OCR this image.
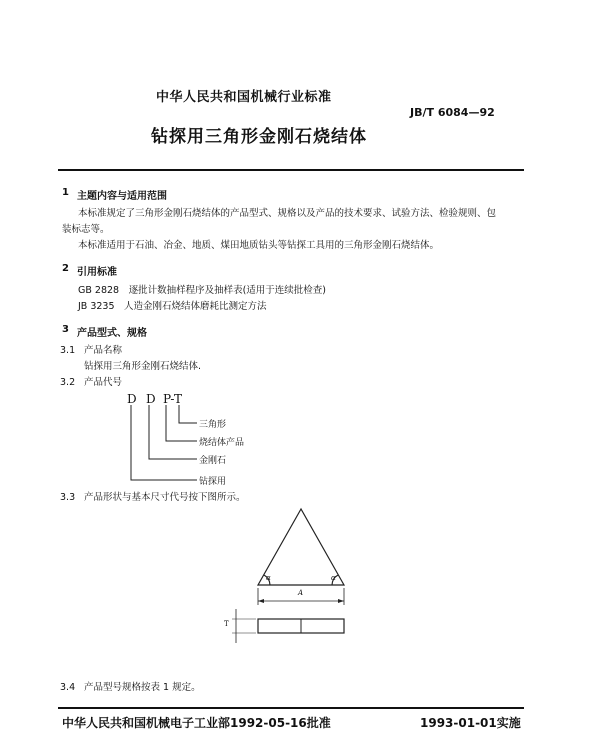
中华人民共和国机械行业标准
JB/T 6084—92
钻探用三角形金刚石烧结体
1 主题内容与适用范围
本标准规定了三角形金刚石烧结体的产品型式、规格以及产品的技术要求、试验方法、检验规则、包
装标志等。
本标准适用于石油、冶金、地质、煤田地质钻头等钻探工具用的三角形金刚石烧结体。
2 引用标准
GB 2828　逐批计数抽样程序及抽样表(适用于连续批检查)
JB 3235　人造金刚石烧结体磨耗比测定方法
3 产品型式、规格
3.1 产品名称
钻探用三角形金刚石烧结体.
3.2 产品代号
D D P-T
三角形
烧结体产品
金刚石
钻探用
3.3 产品形状与基本尺寸代号按下图所示。
α	α
A
T
3.4 产品型号规格按表 1 规定。
中华人民共和国机械电子工业部1992-05-16批准	1993-01-01实施
